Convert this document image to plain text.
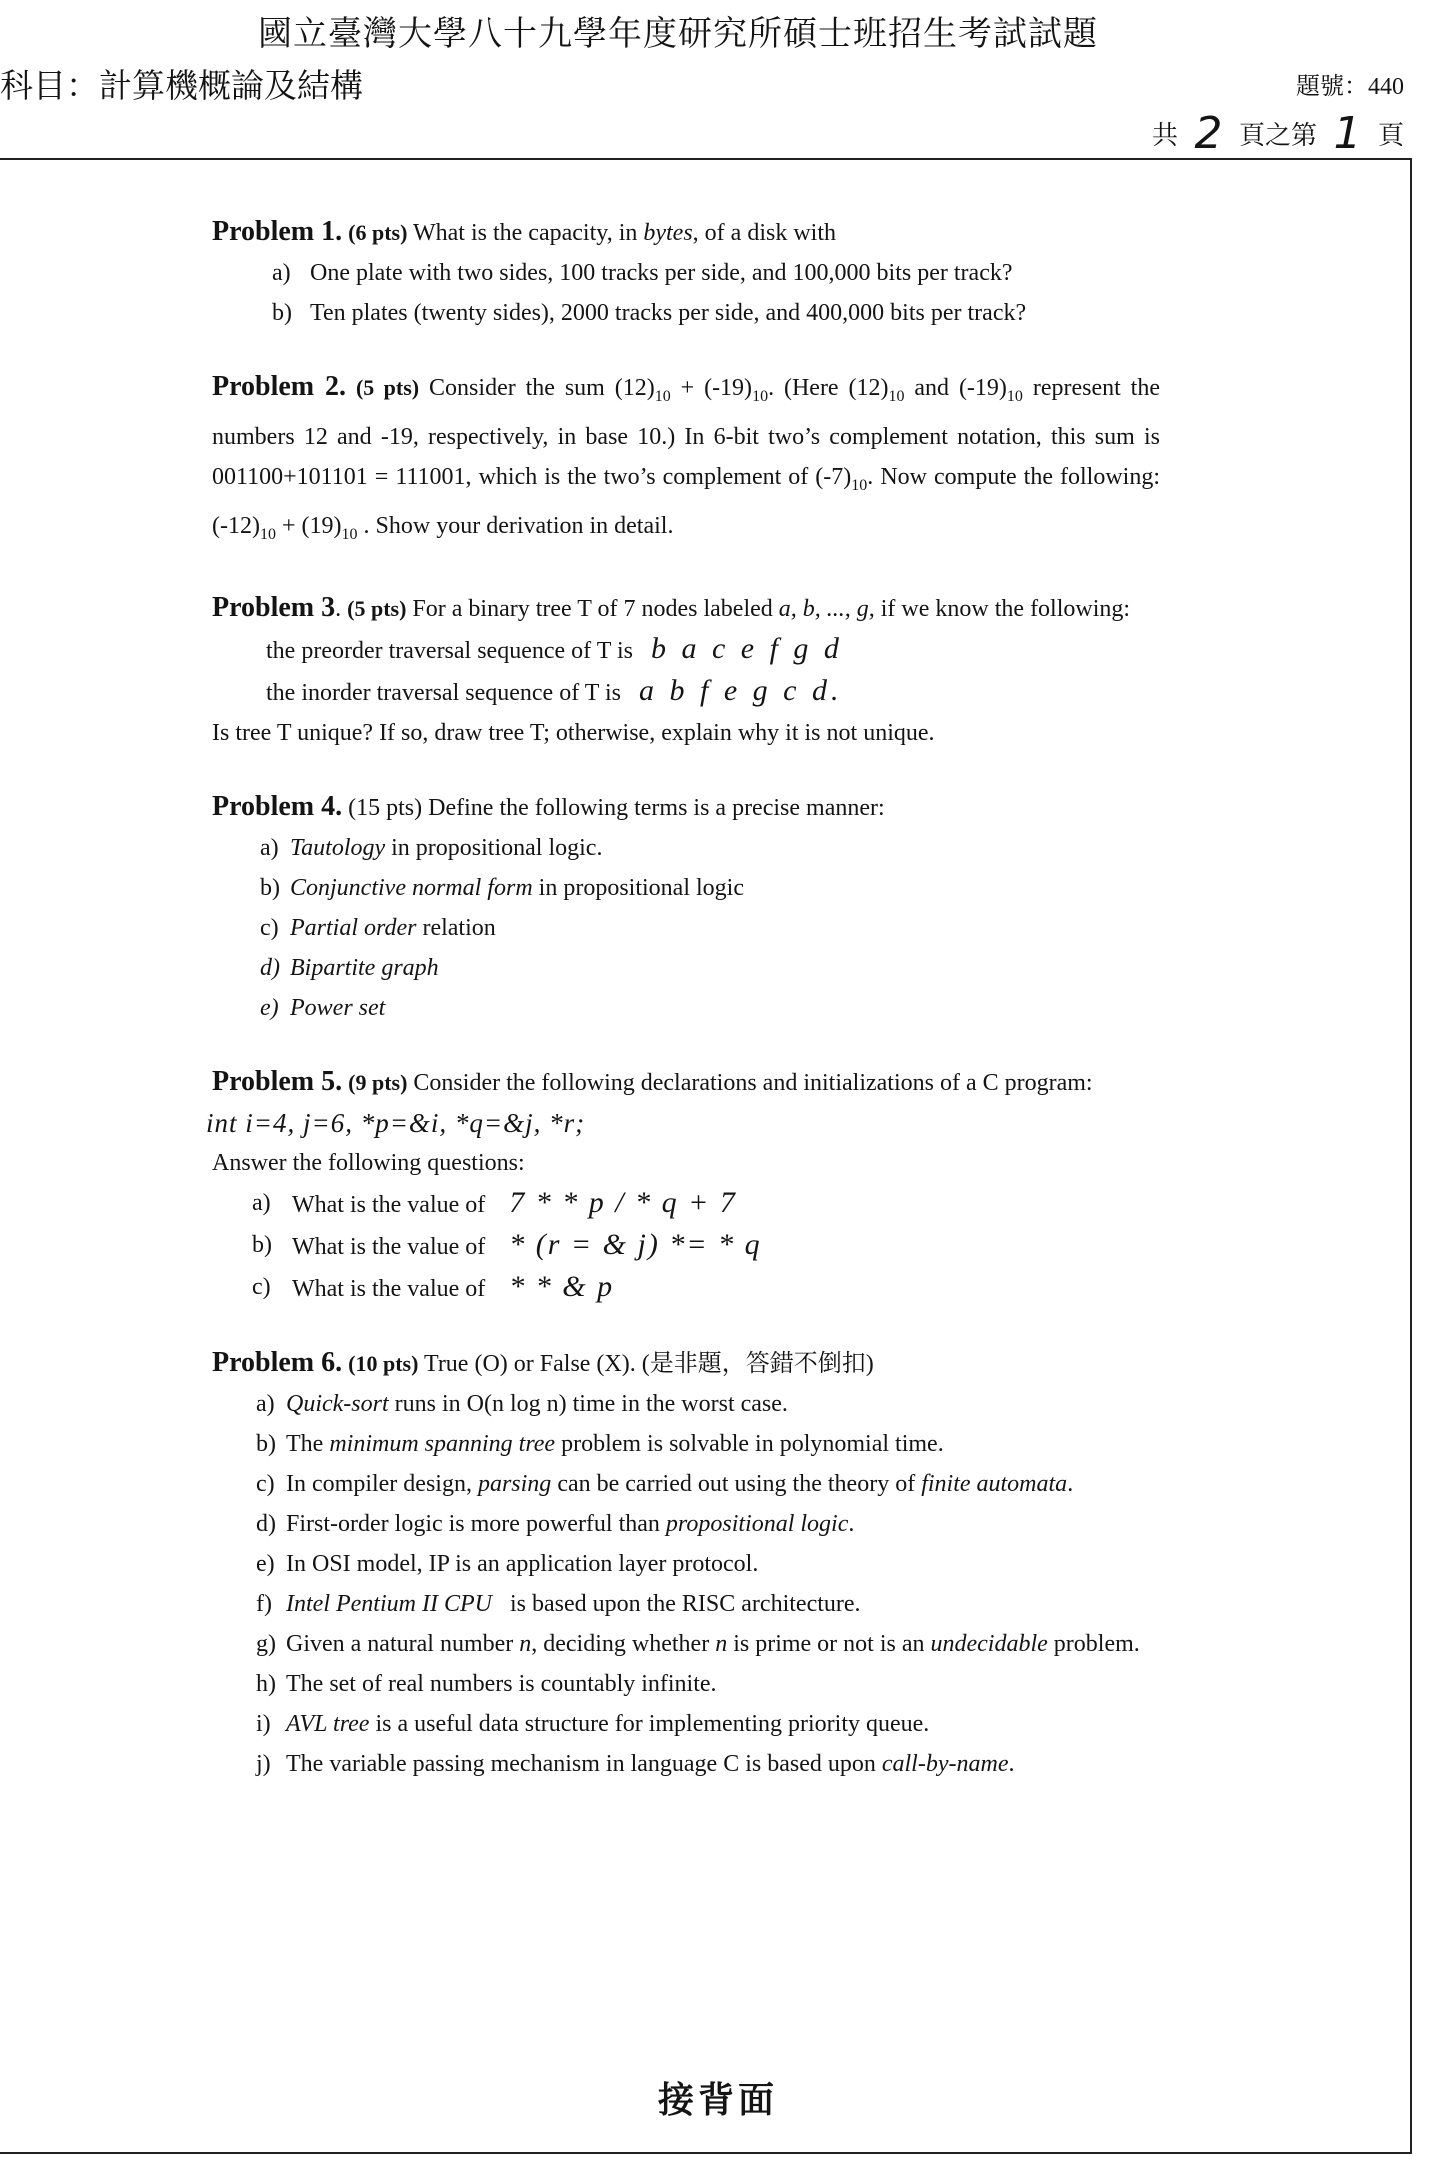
國立臺灣大學八十九學年度研究所碩士班招生考試試題
科目：計算機概論及結構	題號：440
共 2 頁之第 1 頁
Problem 1. (6 pts) What is the capacity, in bytes, of a disk with
a) One plate with two sides, 100 tracks per side, and 100,000 bits per track?
b) Ten plates (twenty sides), 2000 tracks per side, and 400,000 bits per track?
Problem 2. (5 pts) Consider the sum $(12)_{10} + (-19)_{10}$. (Here $(12)_{10}$ and $(-19)_{10}$ represent the numbers 12 and -19, respectively, in base 10.) In 6-bit two’s complement notation, this sum is 001100+101101 = 111001, which is the two’s complement of $(-7)_{10}$. Now compute the following: $(-12)_{10} + (19)_{10}$ . Show your derivation in detail.
Problem 3. (5 pts) For a binary tree T of 7 nodes labeled a, b, ..., g, if we know the following:
the preorder traversal sequence of T is b a c e f g d
the inorder traversal sequence of T is a b f e g c d.
Is tree T unique? If so, draw tree T; otherwise, explain why it is not unique.
Problem 4. (15 pts) Define the following terms is a precise manner:
a) Tautology in propositional logic.
b) Conjunctive normal form in propositional logic
c) Partial order relation
d) Bipartite graph
e) Power set
Problem 5. (9 pts) Consider the following declarations and initializations of a C program:
int i=4, j=6, *p=&i, *q=&j, *r;
Answer the following questions:
a) What is the value of 7 * * p / * q + 7
b) What is the value of * (r = & j) *= * q
c) What is the value of * * & p
Problem 6. (10 pts) True (O) or False (X). (是非題，答錯不倒扣)
a) Quick-sort runs in O(n log n) time in the worst case.
b) The minimum spanning tree problem is solvable in polynomial time.
c) In compiler design, parsing can be carried out using the theory of finite automata.
d) First-order logic is more powerful than propositional logic.
e) In OSI model, IP is an application layer protocol.
f) Intel Pentium II CPU   is based upon the RISC architecture.
g) Given a natural number n, deciding whether n is prime or not is an undecidable problem.
h) The set of real numbers is countably infinite.
i) AVL tree is a useful data structure for implementing priority queue.
j) The variable passing mechanism in language C is based upon call-by-name.
接背面
